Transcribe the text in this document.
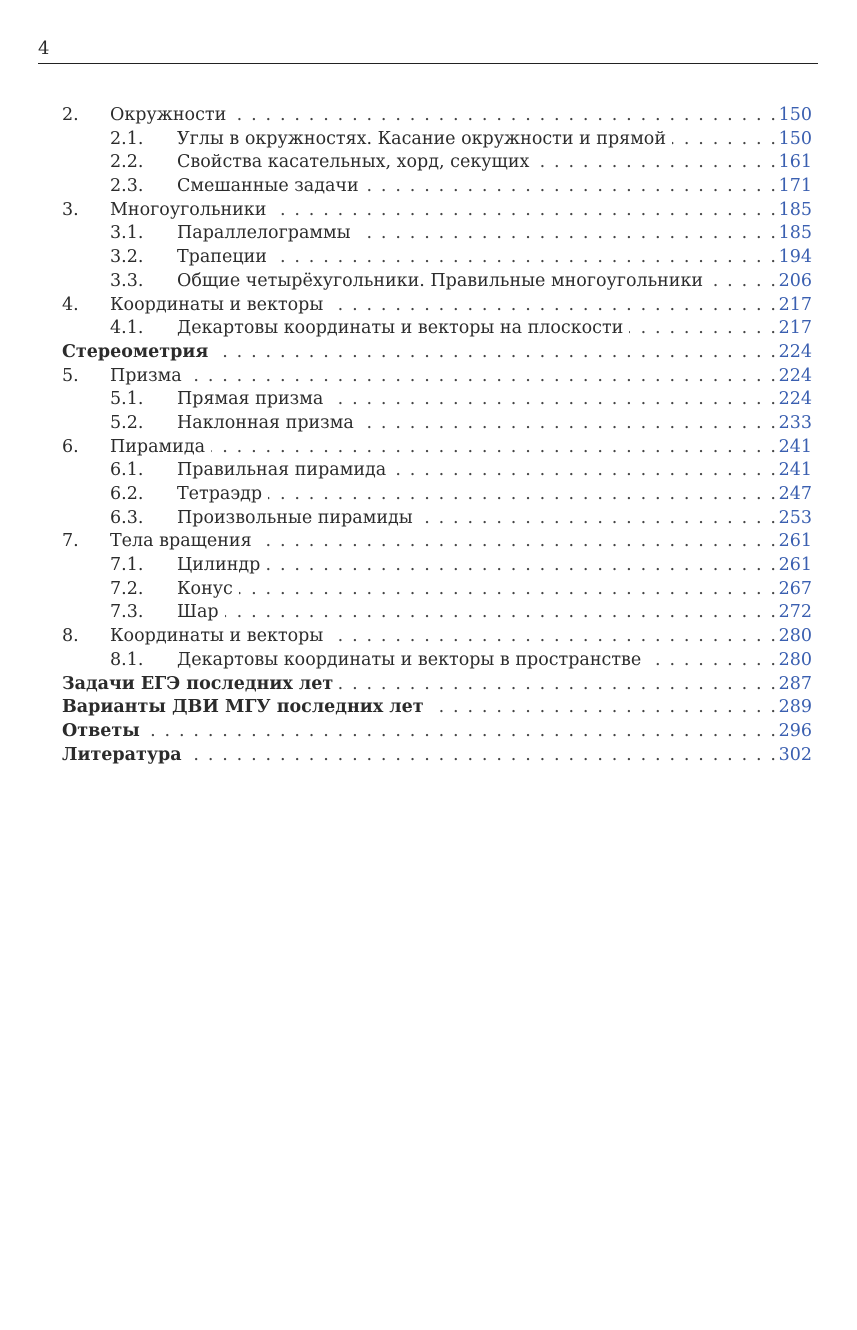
4
2.	Окружности . . .	150
2.1.	Углы в окружностях. Касание окружности и прямой . . .	150
2.2.	Свойства касательных, хорд, секущих . . .	161
2.3.	Смешанные задачи . . .	171
3.	Многоугольники . . .	185
3.1.	Параллелограммы . . .	185
3.2.	Трапеции . . .	194
3.3.	Общие четырёхугольники. Правильные многоугольники . . .	206
4.	Координаты и векторы . . .	217
4.1.	Декартовы координаты и векторы на плоскости . . .	217
Стереометрия . . .	224
5.	Призма . . .	224
5.1.	Прямая призма . . .	224
5.2.	Наклонная призма . . .	233
6.	Пирамида . . .	241
6.1.	Правильная пирамида . . .	241
6.2.	Тетраэдр . . .	247
6.3.	Произвольные пирамиды . . .	253
7.	Тела вращения . . .	261
7.1.	Цилиндр . . .	261
7.2.	Конус . . .	267
7.3.	Шар . . .	272
8.	Координаты и векторы . . .	280
8.1.	Декартовы координаты и векторы в пространстве . . .	280
Задачи ЕГЭ последних лет . . .	287
Варианты ДВИ МГУ последних лет . . .	289
Ответы . . .	296
Литература . . .	302
